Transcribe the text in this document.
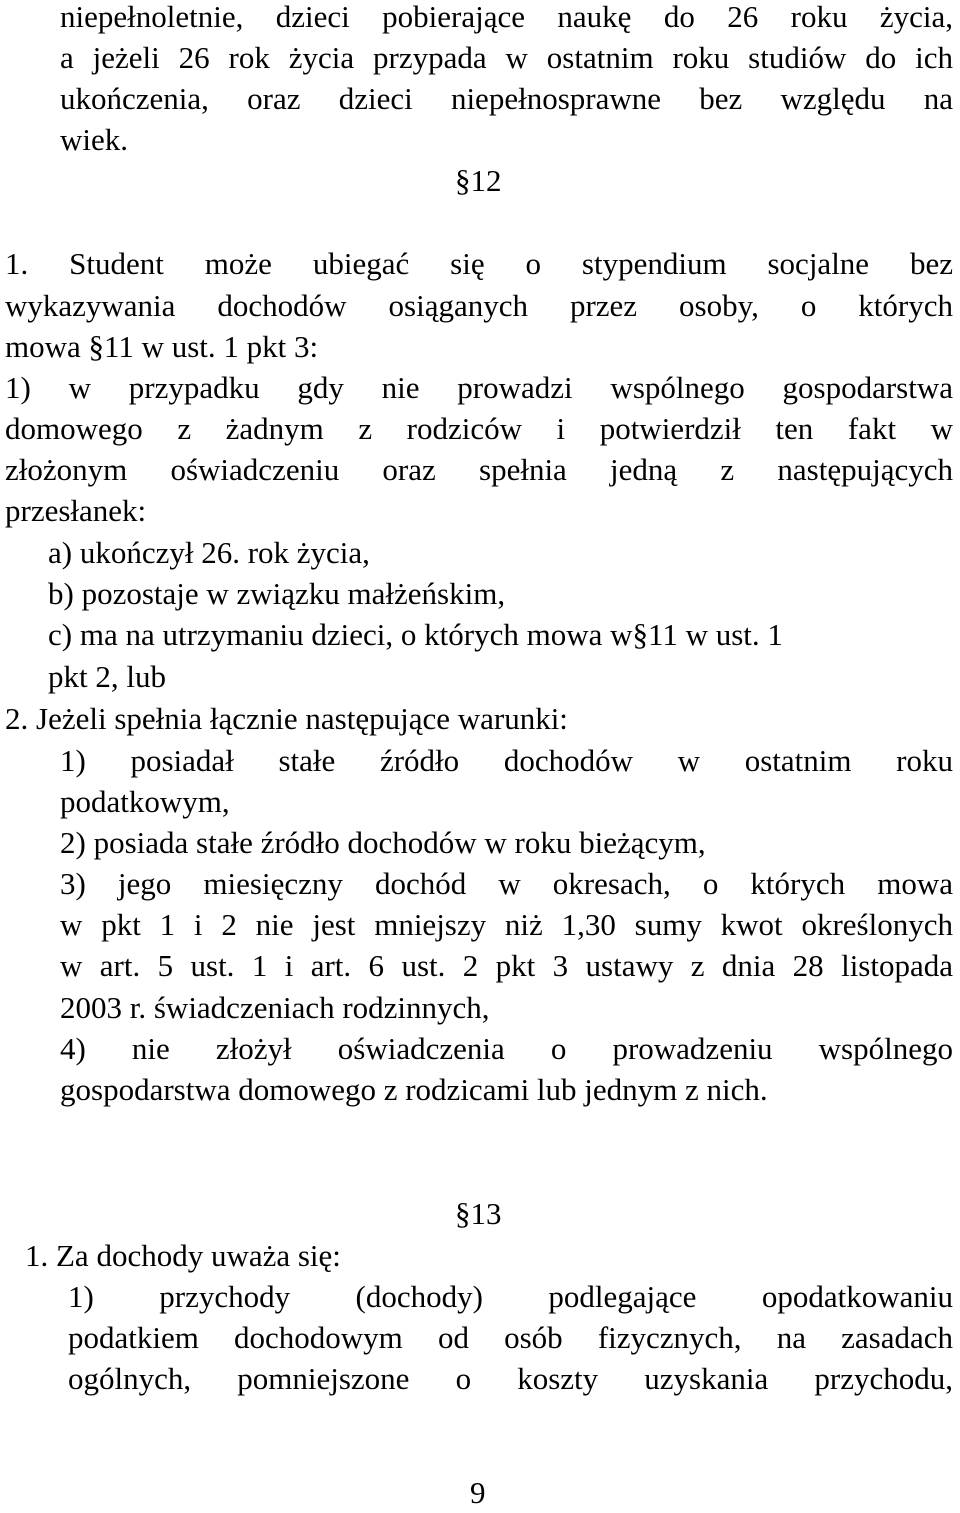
niepełnoletnie, dzieci pobierające naukę do 26 roku życia,
a jeżeli 26 rok życia przypada w ostatnim roku studiów do ich
ukończenia, oraz dzieci niepełnosprawne bez względu na
wiek.
§12
1. Student może ubiegać się o stypendium socjalne bez
wykazywania dochodów osiąganych przez osoby, o których
mowa §11 w ust. 1 pkt 3:
1) w przypadku gdy nie prowadzi wspólnego gospodarstwa
domowego z żadnym z rodziców i potwierdził ten fakt w
złożonym oświadczeniu oraz spełnia jedną z następujących
przesłanek:
a) ukończył 26. rok życia,
b) pozostaje w związku małżeńskim,
c) ma na utrzymaniu dzieci, o których mowa w§11 w ust. 1
pkt 2, lub
2. Jeżeli spełnia łącznie następujące warunki:
1) posiadał stałe źródło dochodów w ostatnim roku
podatkowym,
2) posiada stałe źródło dochodów w roku bieżącym,
3) jego miesięczny dochód w okresach, o których mowa
w pkt 1 i 2 nie jest mniejszy niż 1,30 sumy kwot określonych
w art. 5 ust. 1 i art. 6 ust. 2 pkt 3 ustawy z dnia 28 listopada
2003 r. świadczeniach rodzinnych,
4) nie złożył oświadczenia o prowadzeniu wspólnego
gospodarstwa domowego z rodzicami lub jednym z nich.
§13
1. Za dochody uważa się:
1) przychody (dochody) podlegające opodatkowaniu
podatkiem dochodowym od osób fizycznych, na zasadach
ogólnych, pomniejszone o koszty uzyskania przychodu,
9
